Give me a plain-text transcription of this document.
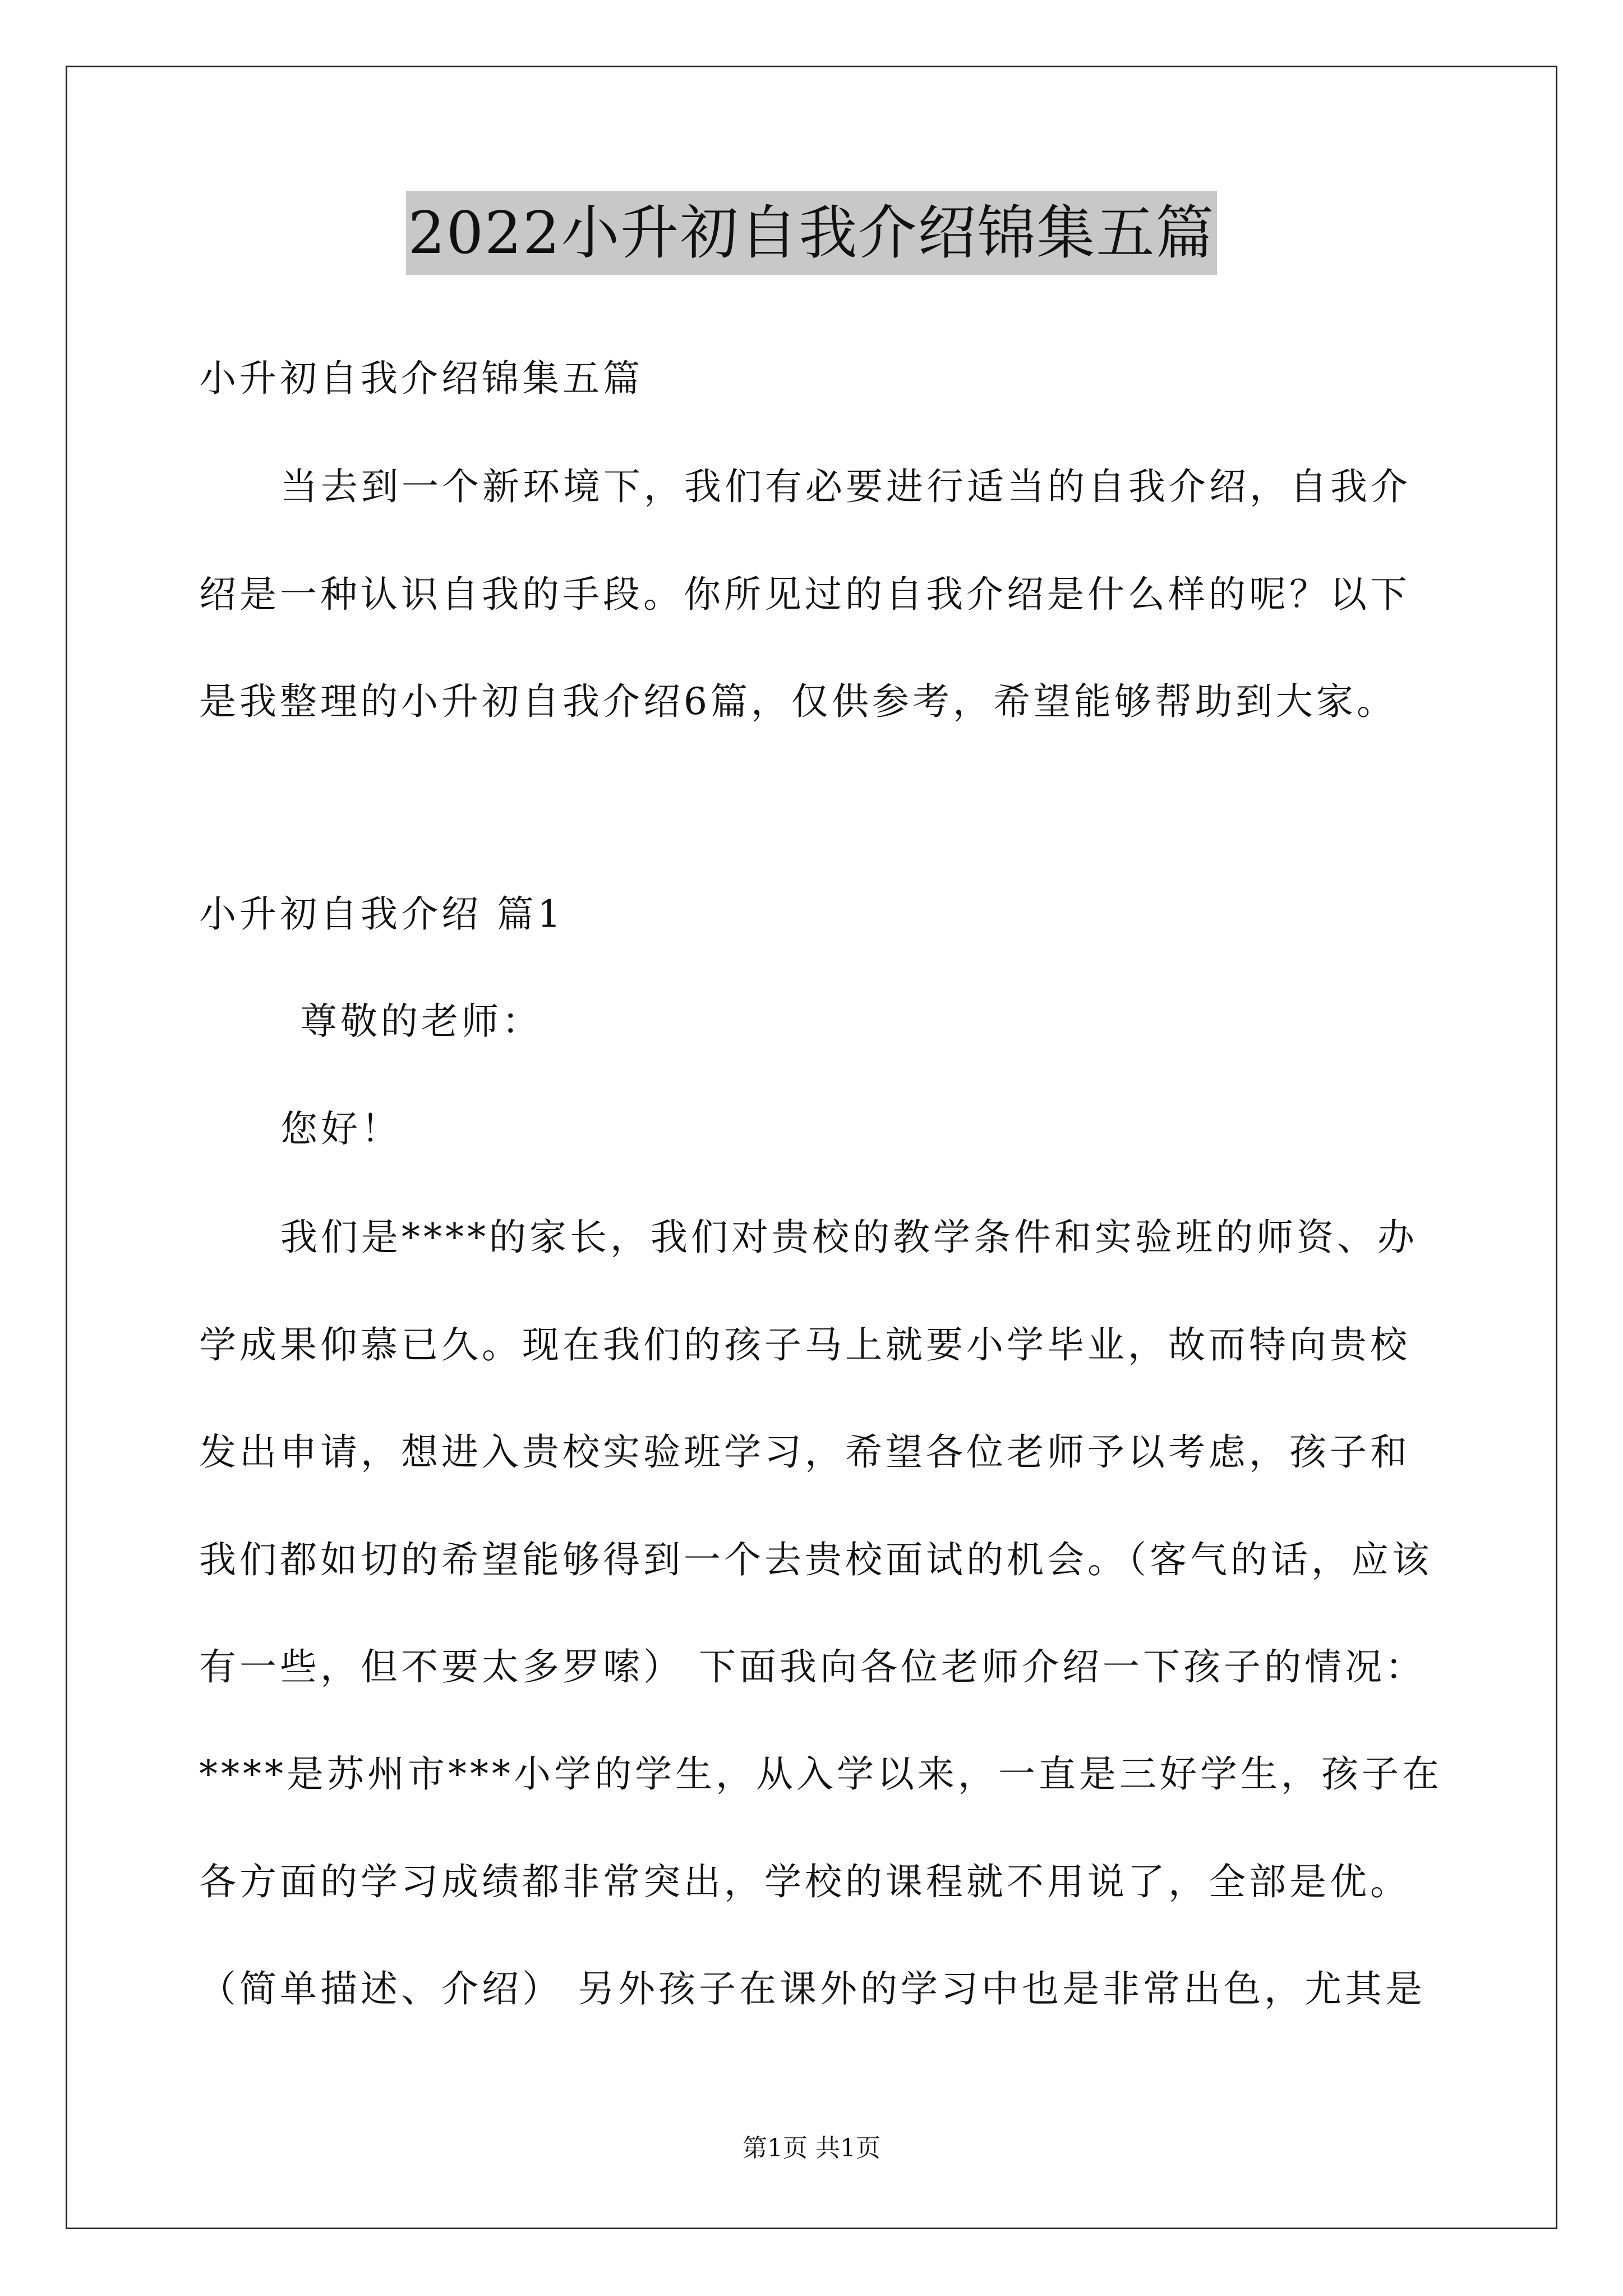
2022小升初自我介绍锦集五篇
小升初自我介绍锦集五篇
当去到一个新环境下，我们有必要进行适当的自我介绍，自我介
绍是一种认识自我的手段。你所见过的自我介绍是什么样的呢？以下
是我整理的小升初自我介绍6篇，仅供参考，希望能够帮助到大家。
小升初自我介绍 篇1
尊敬的老师：
您好！
我们是****的家长，我们对贵校的教学条件和实验班的师资、办
学成果仰慕已久。现在我们的孩子马上就要小学毕业，故而特向贵校
发出申请，想进入贵校实验班学习，希望各位老师予以考虑，孩子和
我们都如切的希望能够得到一个去贵校面试的机会。（客气的话，应该
有一些，但不要太多罗嗦） 下面我向各位老师介绍一下孩子的情况：
****是苏州市***小学的学生，从入学以来，一直是三好学生，孩子在
各方面的学习成绩都非常突出，学校的课程就不用说了，全部是优。
（简单描述、介绍） 另外孩子在课外的学习中也是非常出色，尤其是
第1页 共1页
